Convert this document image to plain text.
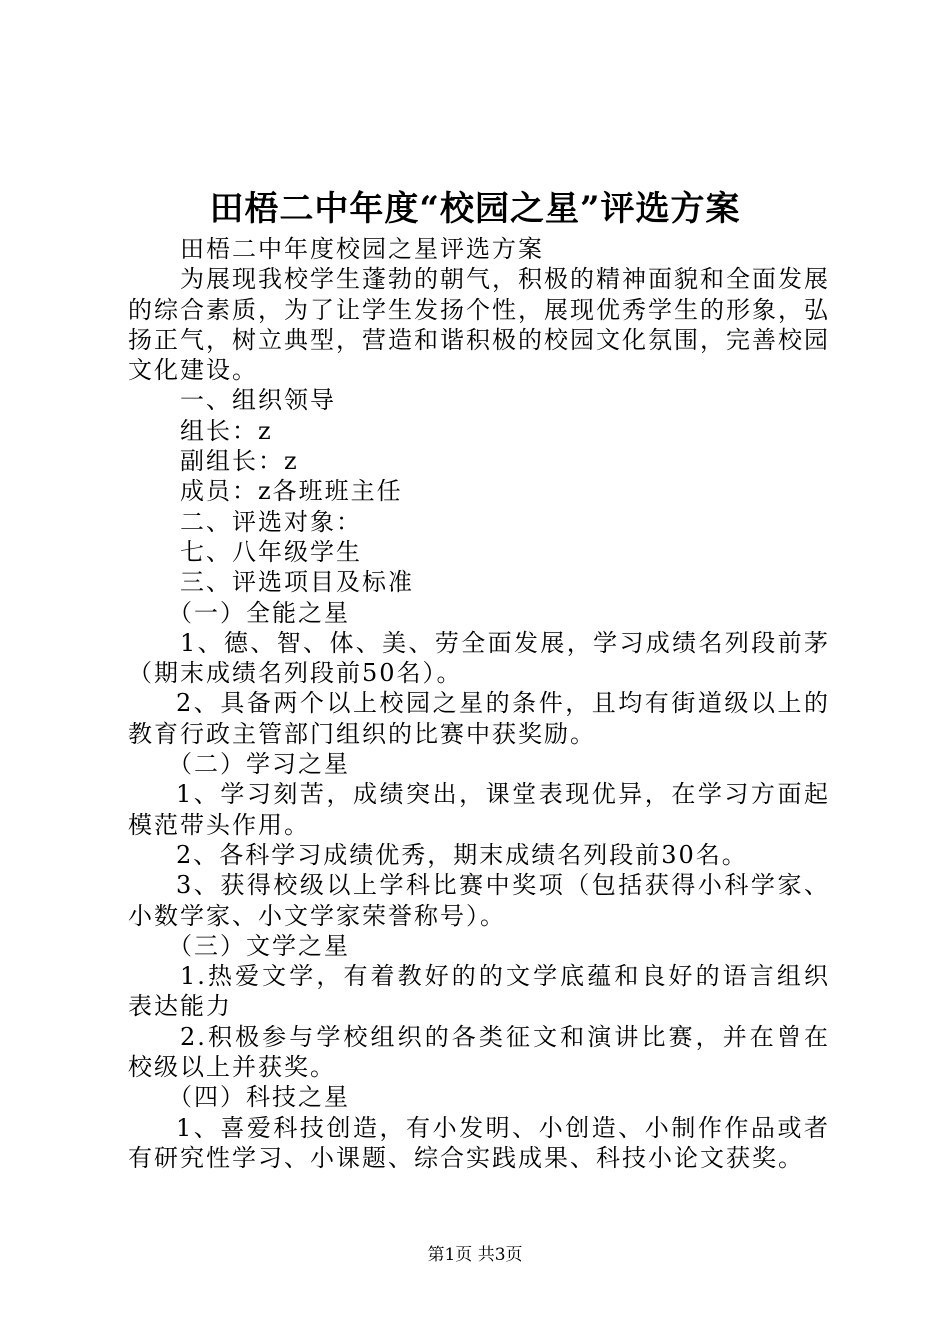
田梧二中年度“校园之星”评选方案

田梧二中年度校园之星评选方案

为展现我校学生蓬勃的朝气，积极的精神面貌和全面发展的综合素质，为了让学生发扬个性，展现优秀学生的形象，弘扬正气，树立典型，营造和谐积极的校园文化氛围，完善校园文化建设。

一、组织领导

组长：z

副组长：z

成员：z各班班主任

二、评选对象：

七、八年级学生

三、评选项目及标准

（一）全能之星

1、德、智、体、美、劳全面发展，学习成绩名列段前茅（期末成绩名列段前50名）。

2、具备两个以上校园之星的条件，且均有街道级以上的教育行政主管部门组织的比赛中获奖励。

（二）学习之星

1、学习刻苦，成绩突出，课堂表现优异，在学习方面起模范带头作用。

2、各科学习成绩优秀，期末成绩名列段前30名。

3、获得校级以上学科比赛中奖项（包括获得小科学家、小数学家、小文学家荣誉称号）。

（三）文学之星

1.热爱文学，有着教好的的文学底蕴和良好的语言组织表达能力

2.积极参与学校组织的各类征文和演讲比赛，并在曾在校级以上并获奖。

（四）科技之星

1、喜爱科技创造，有小发明、小创造、小制作作品或者有研究性学习、小课题、综合实践成果、科技小论文获奖。

第1页 共3页
